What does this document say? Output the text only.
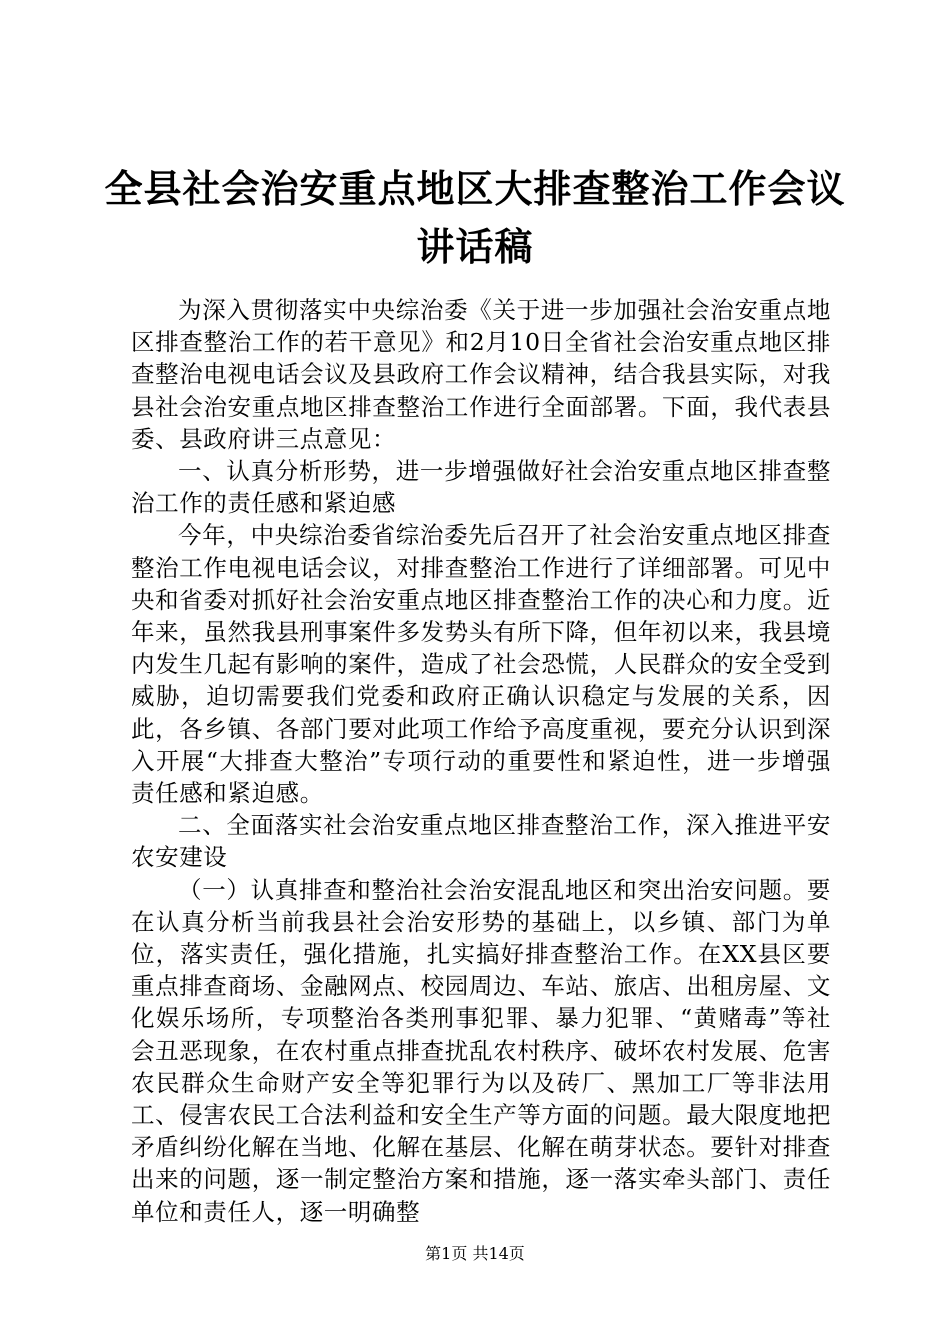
全县社会治安重点地区大排查整治工作会议讲话稿

为深入贯彻落实中央综治委《关于进一步加强社会治安重点地区排查整治工作的若干意见》和2月10日全省社会治安重点地区排查整治电视电话会议及县政府工作会议精神，结合我县实际，对我县社会治安重点地区排查整治工作进行全面部署。下面，我代表县委、县政府讲三点意见：

一、认真分析形势，进一步增强做好社会治安重点地区排查整治工作的责任感和紧迫感

今年，中央综治委省综治委先后召开了社会治安重点地区排查整治工作电视电话会议，对排查整治工作进行了详细部署。可见中央和省委对抓好社会治安重点地区排查整治工作的决心和力度。近年来，虽然我县刑事案件多发势头有所下降，但年初以来，我县境内发生几起有影响的案件，造成了社会恐慌，人民群众的安全受到威胁，迫切需要我们党委和政府正确认识稳定与发展的关系，因此，各乡镇、各部门要对此项工作给予高度重视，要充分认识到深入开展“大排查大整治”专项行动的重要性和紧迫性，进一步增强责任感和紧迫感。

二、全面落实社会治安重点地区排查整治工作，深入推进平安农安建设

（一）认真排查和整治社会治安混乱地区和突出治安问题。要在认真分析当前我县社会治安形势的基础上，以乡镇、部门为单位，落实责任，强化措施，扎实搞好排查整治工作。在XX县区要重点排查商场、金融网点、校园周边、车站、旅店、出租房屋、文化娱乐场所，专项整治各类刑事犯罪、暴力犯罪、“黄赌毒”等社会丑恶现象，在农村重点排查扰乱农村秩序、破坏农村发展、危害农民群众生命财产安全等犯罪行为以及砖厂、黑加工厂等非法用工、侵害农民工合法利益和安全生产等方面的问题。最大限度地把矛盾纠纷化解在当地、化解在基层、化解在萌芽状态。要针对排查出来的问题，逐一制定整治方案和措施，逐一落实牵头部门、责任单位和责任人，逐一明确整

第1页 共14页
